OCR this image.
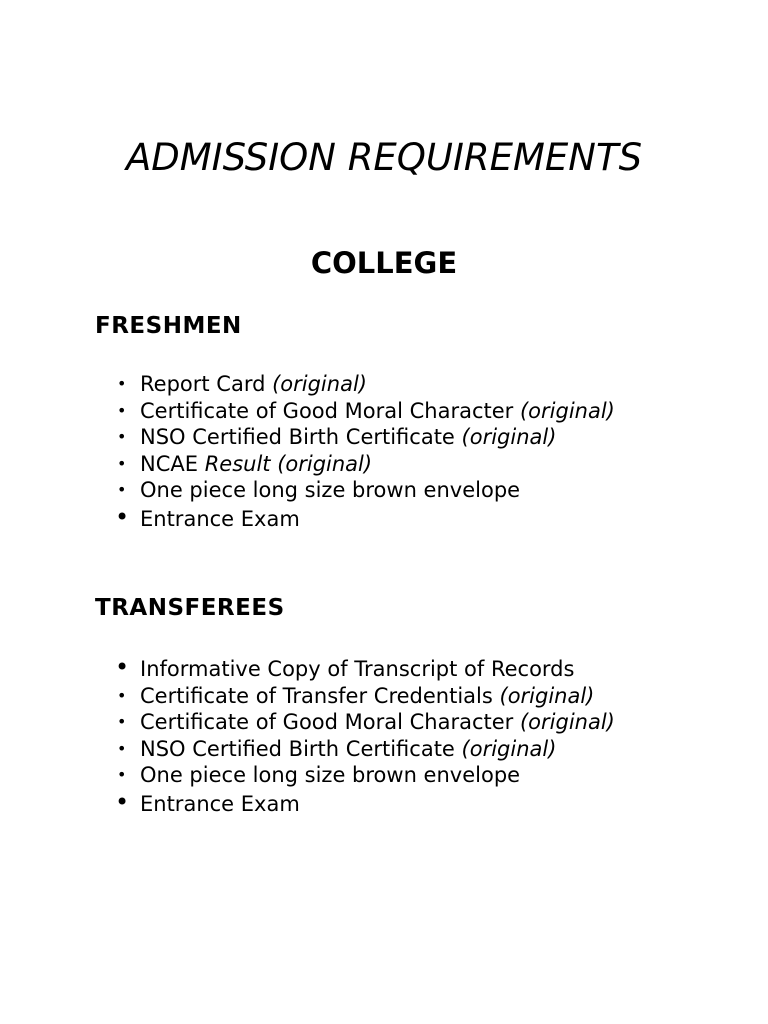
ADMISSION REQUIREMENTS
COLLEGE
FRESHMEN
• Report Card (original)
• Certificate of Good Moral Character (original)
• NSO Certified Birth Certificate (original)
• NCAE Result (original)
• One piece long size brown envelope
• Entrance Exam
TRANSFEREES
• Informative Copy of Transcript of Records
• Certificate of Transfer Credentials (original)
• Certificate of Good Moral Character (original)
• NSO Certified Birth Certificate (original)
• One piece long size brown envelope
• Entrance Exam
